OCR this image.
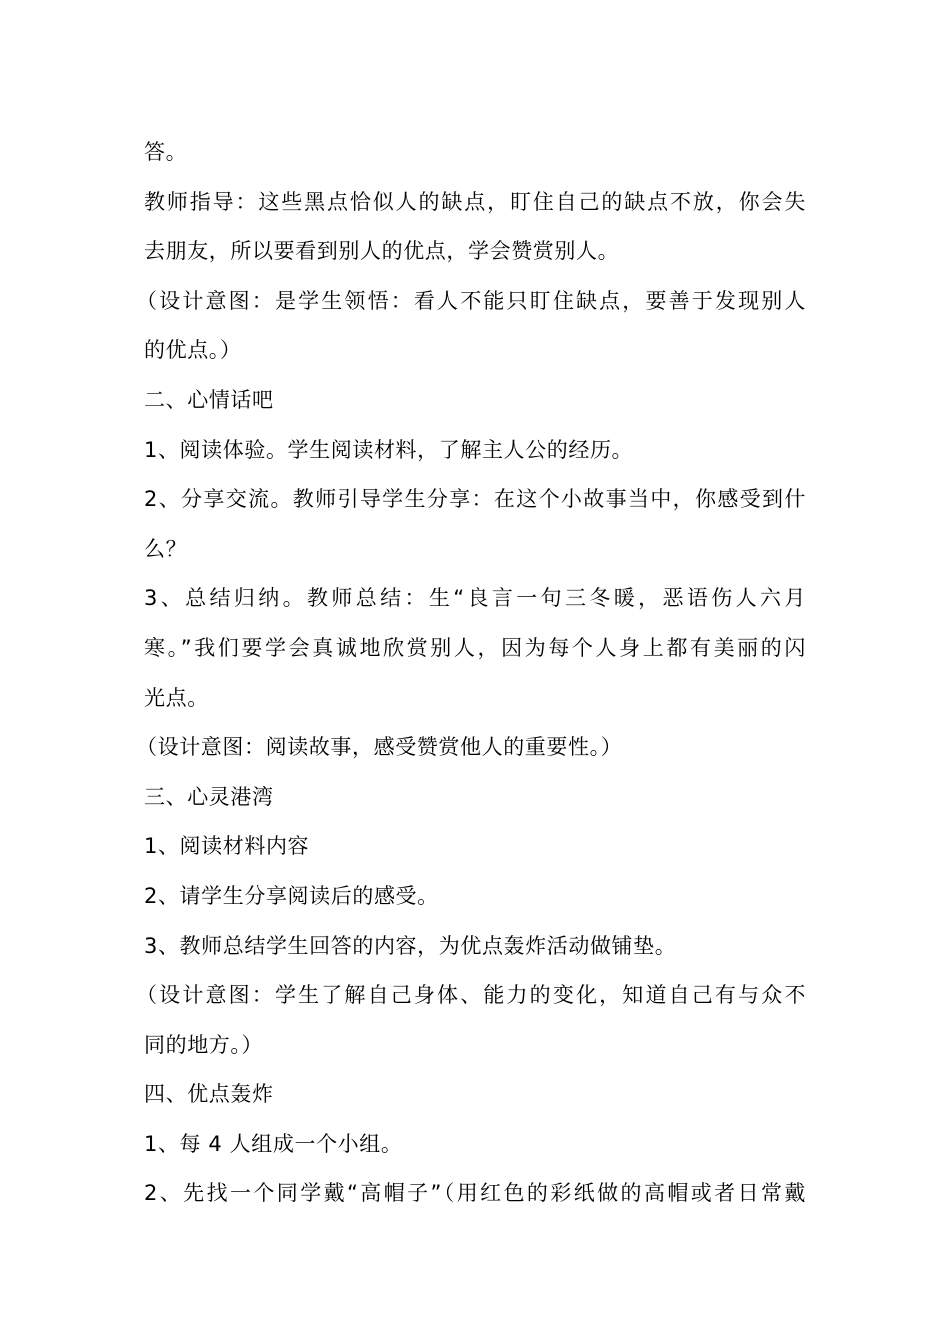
答。
教师指导：这些黑点恰似人的缺点，盯住自己的缺点不放，你会失
去朋友，所以要看到别人的优点，学会赞赏别人。
（设计意图：是学生领悟：看人不能只盯住缺点，要善于发现别人
的优点。）
二、心情话吧
1、阅读体验。学生阅读材料，了解主人公的经历。
2、分享交流。教师引导学生分享：在这个小故事当中，你感受到什
么？
3、总结归纳。教师总结：生“良言一句三冬暖，恶语伤人六月
寒。”我们要学会真诚地欣赏别人，因为每个人身上都有美丽的闪
光点。
（设计意图：阅读故事，感受赞赏他人的重要性。）
三、心灵港湾
1、阅读材料内容
2、请学生分享阅读后的感受。
3、教师总结学生回答的内容，为优点轰炸活动做铺垫。
（设计意图：学生了解自己身体、能力的变化，知道自己有与众不
同的地方。）
四、优点轰炸
1、每 4 人组成一个小组。
2、先找一个同学戴“高帽子”（用红色的彩纸做的高帽或者日常戴
